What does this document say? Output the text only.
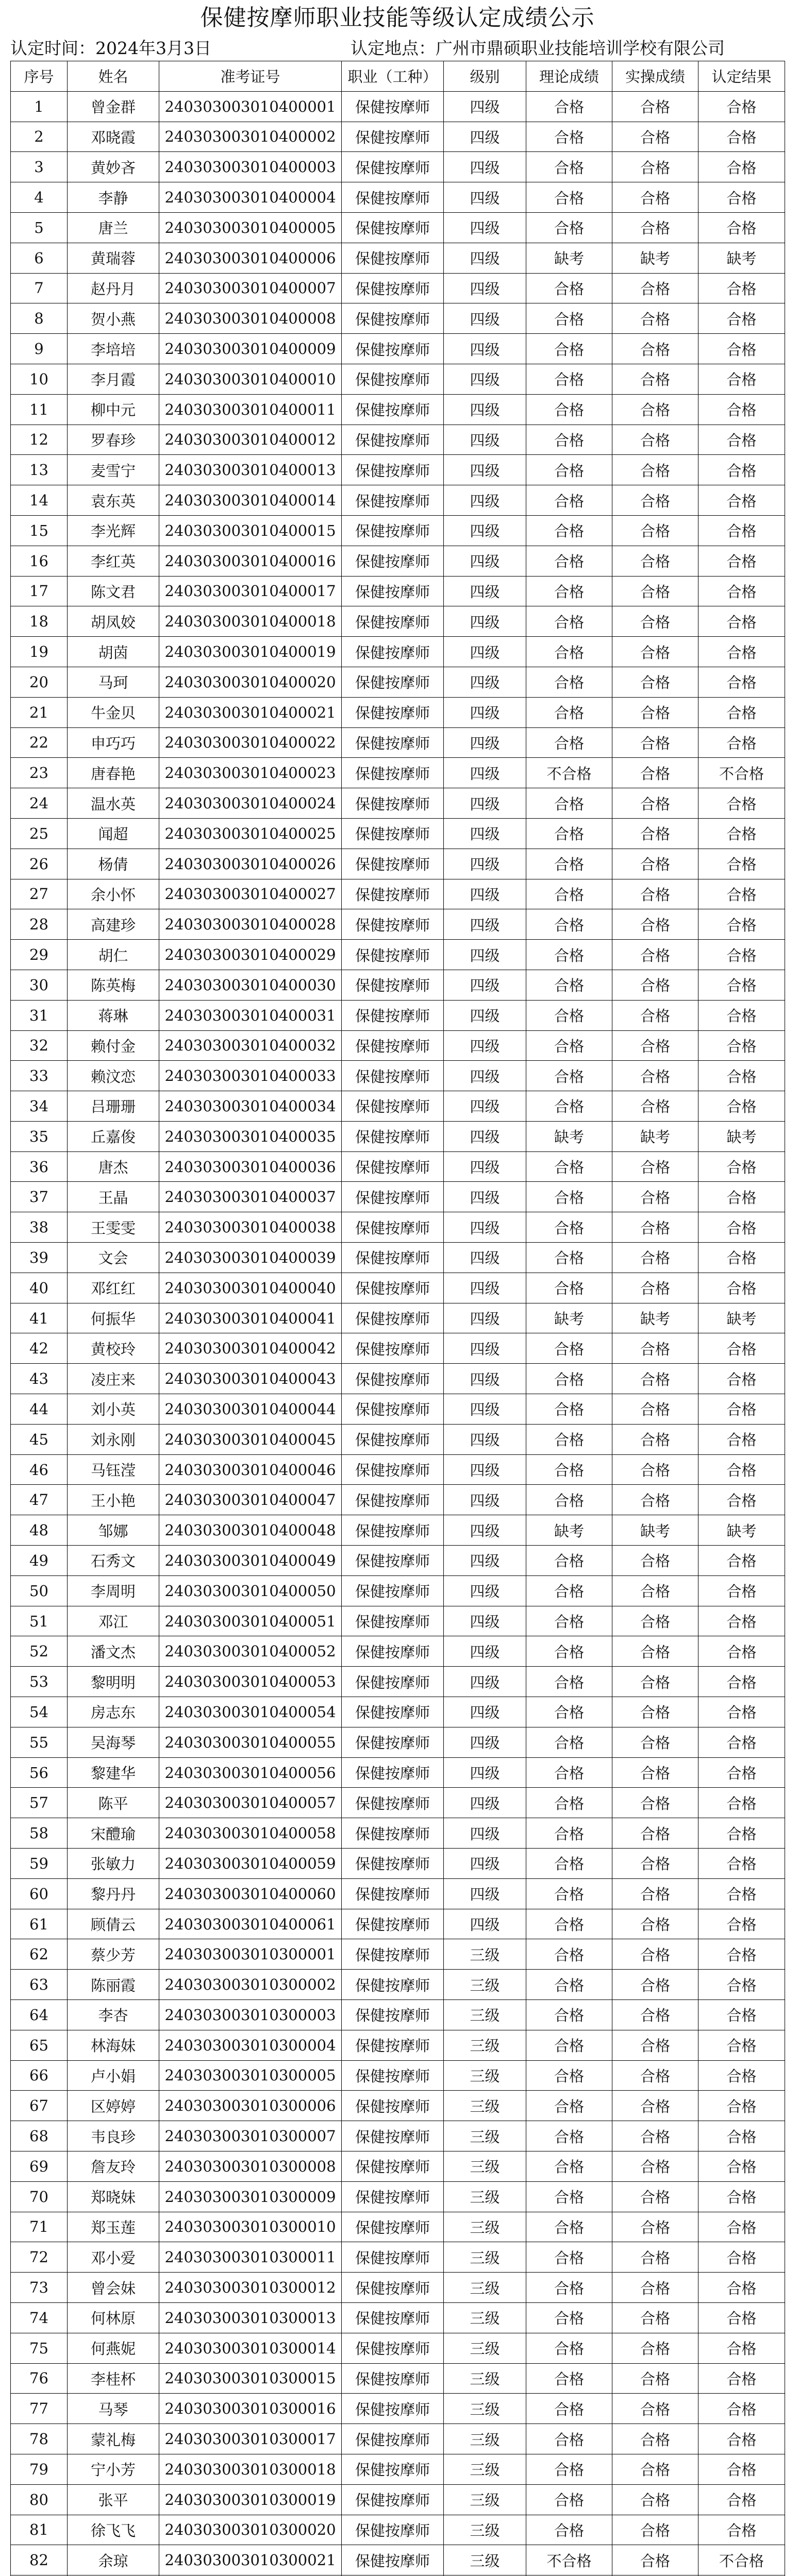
保健按摩师职业技能等级认定成绩公示
认定时间：2024年3月3日	认定地点：广州市鼎硕职业技能培训学校有限公司
序号	姓名	准考证号	职业（工种）	级别	理论成绩	实操成绩	认定结果
1	曾金群	240303003010400001	保健按摩师	四级	合格	合格	合格
2	邓晓霞	240303003010400002	保健按摩师	四级	合格	合格	合格
3	黄妙吝	240303003010400003	保健按摩师	四级	合格	合格	合格
4	李静	240303003010400004	保健按摩师	四级	合格	合格	合格
5	唐兰	240303003010400005	保健按摩师	四级	合格	合格	合格
6	黄瑞蓉	240303003010400006	保健按摩师	四级	缺考	缺考	缺考
7	赵丹月	240303003010400007	保健按摩师	四级	合格	合格	合格
8	贺小燕	240303003010400008	保健按摩师	四级	合格	合格	合格
9	李培培	240303003010400009	保健按摩师	四级	合格	合格	合格
10	李月霞	240303003010400010	保健按摩师	四级	合格	合格	合格
11	柳中元	240303003010400011	保健按摩师	四级	合格	合格	合格
12	罗春珍	240303003010400012	保健按摩师	四级	合格	合格	合格
13	麦雪宁	240303003010400013	保健按摩师	四级	合格	合格	合格
14	袁东英	240303003010400014	保健按摩师	四级	合格	合格	合格
15	李光辉	240303003010400015	保健按摩师	四级	合格	合格	合格
16	李红英	240303003010400016	保健按摩师	四级	合格	合格	合格
17	陈文君	240303003010400017	保健按摩师	四级	合格	合格	合格
18	胡凤姣	240303003010400018	保健按摩师	四级	合格	合格	合格
19	胡茵	240303003010400019	保健按摩师	四级	合格	合格	合格
20	马珂	240303003010400020	保健按摩师	四级	合格	合格	合格
21	牛金贝	240303003010400021	保健按摩师	四级	合格	合格	合格
22	申巧巧	240303003010400022	保健按摩师	四级	合格	合格	合格
23	唐春艳	240303003010400023	保健按摩师	四级	不合格	合格	不合格
24	温水英	240303003010400024	保健按摩师	四级	合格	合格	合格
25	闻超	240303003010400025	保健按摩师	四级	合格	合格	合格
26	杨倩	240303003010400026	保健按摩师	四级	合格	合格	合格
27	余小怀	240303003010400027	保健按摩师	四级	合格	合格	合格
28	高建珍	240303003010400028	保健按摩师	四级	合格	合格	合格
29	胡仁	240303003010400029	保健按摩师	四级	合格	合格	合格
30	陈英梅	240303003010400030	保健按摩师	四级	合格	合格	合格
31	蒋琳	240303003010400031	保健按摩师	四级	合格	合格	合格
32	赖付金	240303003010400032	保健按摩师	四级	合格	合格	合格
33	赖汶恋	240303003010400033	保健按摩师	四级	合格	合格	合格
34	吕珊珊	240303003010400034	保健按摩师	四级	合格	合格	合格
35	丘嘉俊	240303003010400035	保健按摩师	四级	缺考	缺考	缺考
36	唐杰	240303003010400036	保健按摩师	四级	合格	合格	合格
37	王晶	240303003010400037	保健按摩师	四级	合格	合格	合格
38	王雯雯	240303003010400038	保健按摩师	四级	合格	合格	合格
39	文会	240303003010400039	保健按摩师	四级	合格	合格	合格
40	邓红红	240303003010400040	保健按摩师	四级	合格	合格	合格
41	何振华	240303003010400041	保健按摩师	四级	缺考	缺考	缺考
42	黄校玲	240303003010400042	保健按摩师	四级	合格	合格	合格
43	凌庄来	240303003010400043	保健按摩师	四级	合格	合格	合格
44	刘小英	240303003010400044	保健按摩师	四级	合格	合格	合格
45	刘永刚	240303003010400045	保健按摩师	四级	合格	合格	合格
46	马钰滢	240303003010400046	保健按摩师	四级	合格	合格	合格
47	王小艳	240303003010400047	保健按摩师	四级	合格	合格	合格
48	邹娜	240303003010400048	保健按摩师	四级	缺考	缺考	缺考
49	石秀文	240303003010400049	保健按摩师	四级	合格	合格	合格
50	李周明	240303003010400050	保健按摩师	四级	合格	合格	合格
51	邓江	240303003010400051	保健按摩师	四级	合格	合格	合格
52	潘文杰	240303003010400052	保健按摩师	四级	合格	合格	合格
53	黎明明	240303003010400053	保健按摩师	四级	合格	合格	合格
54	房志东	240303003010400054	保健按摩师	四级	合格	合格	合格
55	吴海琴	240303003010400055	保健按摩师	四级	合格	合格	合格
56	黎建华	240303003010400056	保健按摩师	四级	合格	合格	合格
57	陈平	240303003010400057	保健按摩师	四级	合格	合格	合格
58	宋醴瑜	240303003010400058	保健按摩师	四级	合格	合格	合格
59	张敏力	240303003010400059	保健按摩师	四级	合格	合格	合格
60	黎丹丹	240303003010400060	保健按摩师	四级	合格	合格	合格
61	顾倩云	240303003010400061	保健按摩师	四级	合格	合格	合格
62	蔡少芳	240303003010300001	保健按摩师	三级	合格	合格	合格
63	陈丽霞	240303003010300002	保健按摩师	三级	合格	合格	合格
64	李杏	240303003010300003	保健按摩师	三级	合格	合格	合格
65	林海妹	240303003010300004	保健按摩师	三级	合格	合格	合格
66	卢小娟	240303003010300005	保健按摩师	三级	合格	合格	合格
67	区婷婷	240303003010300006	保健按摩师	三级	合格	合格	合格
68	韦良珍	240303003010300007	保健按摩师	三级	合格	合格	合格
69	詹友玲	240303003010300008	保健按摩师	三级	合格	合格	合格
70	郑晓妹	240303003010300009	保健按摩师	三级	合格	合格	合格
71	郑玉莲	240303003010300010	保健按摩师	三级	合格	合格	合格
72	邓小爱	240303003010300011	保健按摩师	三级	合格	合格	合格
73	曾会妹	240303003010300012	保健按摩师	三级	合格	合格	合格
74	何林原	240303003010300013	保健按摩师	三级	合格	合格	合格
75	何燕妮	240303003010300014	保健按摩师	三级	合格	合格	合格
76	李桂杯	240303003010300015	保健按摩师	三级	合格	合格	合格
77	马琴	240303003010300016	保健按摩师	三级	合格	合格	合格
78	蒙礼梅	240303003010300017	保健按摩师	三级	合格	合格	合格
79	宁小芳	240303003010300018	保健按摩师	三级	合格	合格	合格
80	张平	240303003010300019	保健按摩师	三级	合格	合格	合格
81	徐飞飞	240303003010300020	保健按摩师	三级	合格	合格	合格
82	余琼	240303003010300021	保健按摩师	三级	不合格	合格	不合格
